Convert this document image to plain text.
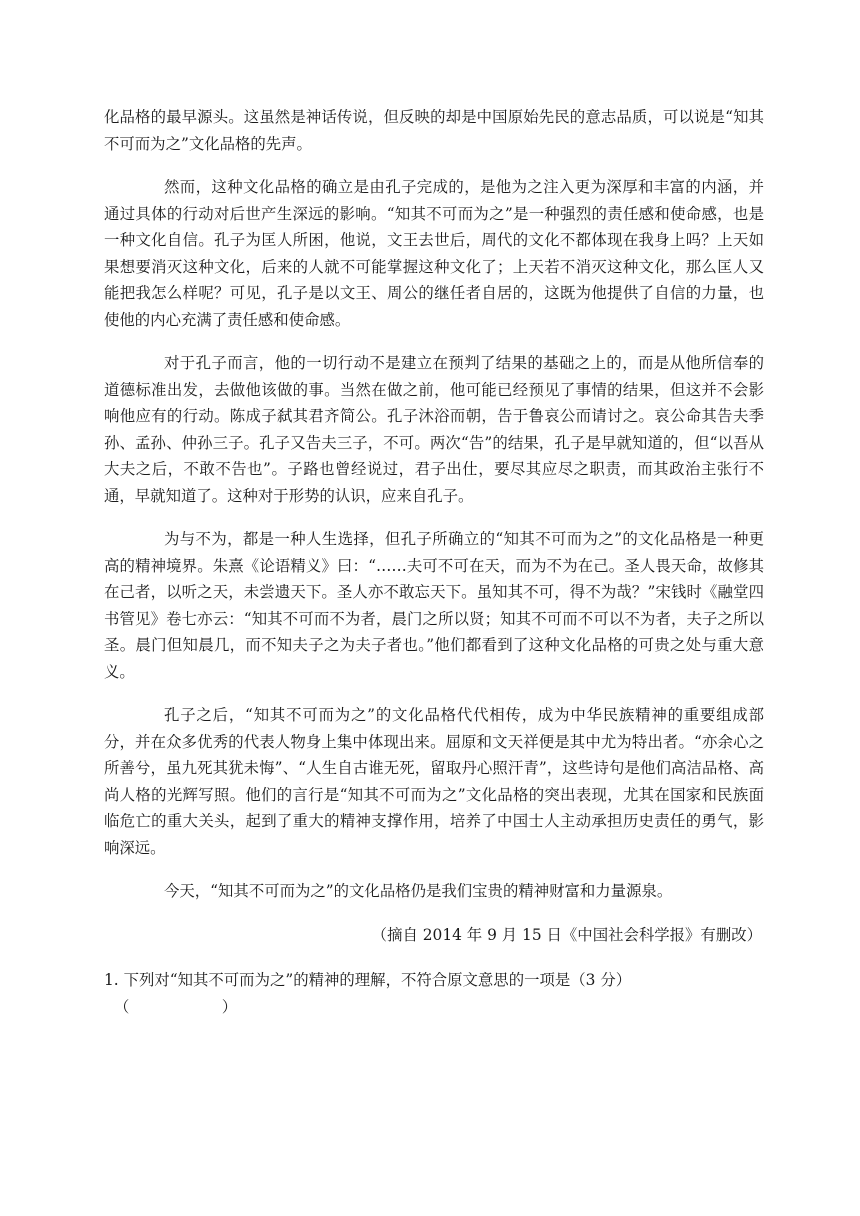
化品格的最早源头。这虽然是神话传说，但反映的却是中国原始先民的意志品质，可以说是“知其不可而为之”文化品格的先声。

然而，这种文化品格的确立是由孔子完成的，是他为之注入更为深厚和丰富的内涵，并通过具体的行动对后世产生深远的影响。“知其不可而为之”是一种强烈的责任感和使命感，也是一种文化自信。孔子为匡人所困，他说，文王去世后，周代的文化不都体现在我身上吗？上天如果想要消灭这种文化，后来的人就不可能掌握这种文化了；上天若不消灭这种文化，那么匡人又能把我怎么样呢？可见，孔子是以文王、周公的继任者自居的，这既为他提供了自信的力量，也使他的内心充满了责任感和使命感。

对于孔子而言，他的一切行动不是建立在预判了结果的基础之上的，而是从他所信奉的道德标准出发，去做他该做的事。当然在做之前，他可能已经预见了事情的结果，但这并不会影响他应有的行动。陈成子弑其君齐简公。孔子沐浴而朝，告于鲁哀公而请讨之。哀公命其告夫季孙、孟孙、仲孙三子。孔子又告夫三子，不可。两次“告”的结果，孔子是早就知道的，但“以吾从大夫之后，不敢不告也”。子路也曾经说过，君子出仕，要尽其应尽之职责，而其政治主张行不通，早就知道了。这种对于形势的认识，应来自孔子。

为与不为，都是一种人生选择，但孔子所确立的“知其不可而为之”的文化品格是一种更高的精神境界。朱熹《论语精义》曰：“……夫可不可在天，而为不为在己。圣人畏天命，故修其在己者，以听之天，未尝遗天下。圣人亦不敢忘天下。虽知其不可，得不为哉？”宋钱时《融堂四书管见》卷七亦云：“知其不可而不为者，晨门之所以贤；知其不可而不可以不为者，夫子之所以圣。晨门但知晨几，而不知夫子之为夫子者也。”他们都看到了这种文化品格的可贵之处与重大意义。

孔子之后，“知其不可而为之”的文化品格代代相传，成为中华民族精神的重要组成部分，并在众多优秀的代表人物身上集中体现出来。屈原和文天祥便是其中尤为特出者。“亦余心之所善兮，虽九死其犹未悔”、“人生自古谁无死，留取丹心照汗青”，这些诗句是他们高洁品格、高尚人格的光辉写照。他们的言行是“知其不可而为之”文化品格的突出表现，尤其在国家和民族面临危亡的重大关头，起到了重大的精神支撑作用，培养了中国士人主动承担历史责任的勇气，影响深远。

今天，“知其不可而为之”的文化品格仍是我们宝贵的精神财富和力量源泉。

（摘自 2014 年 9 月 15 日《中国社会科学报》有删改）

1. 下列对“知其不可而为之”的精神的理解，不符合原文意思的一项是（3 分）

（　　　　　　）
